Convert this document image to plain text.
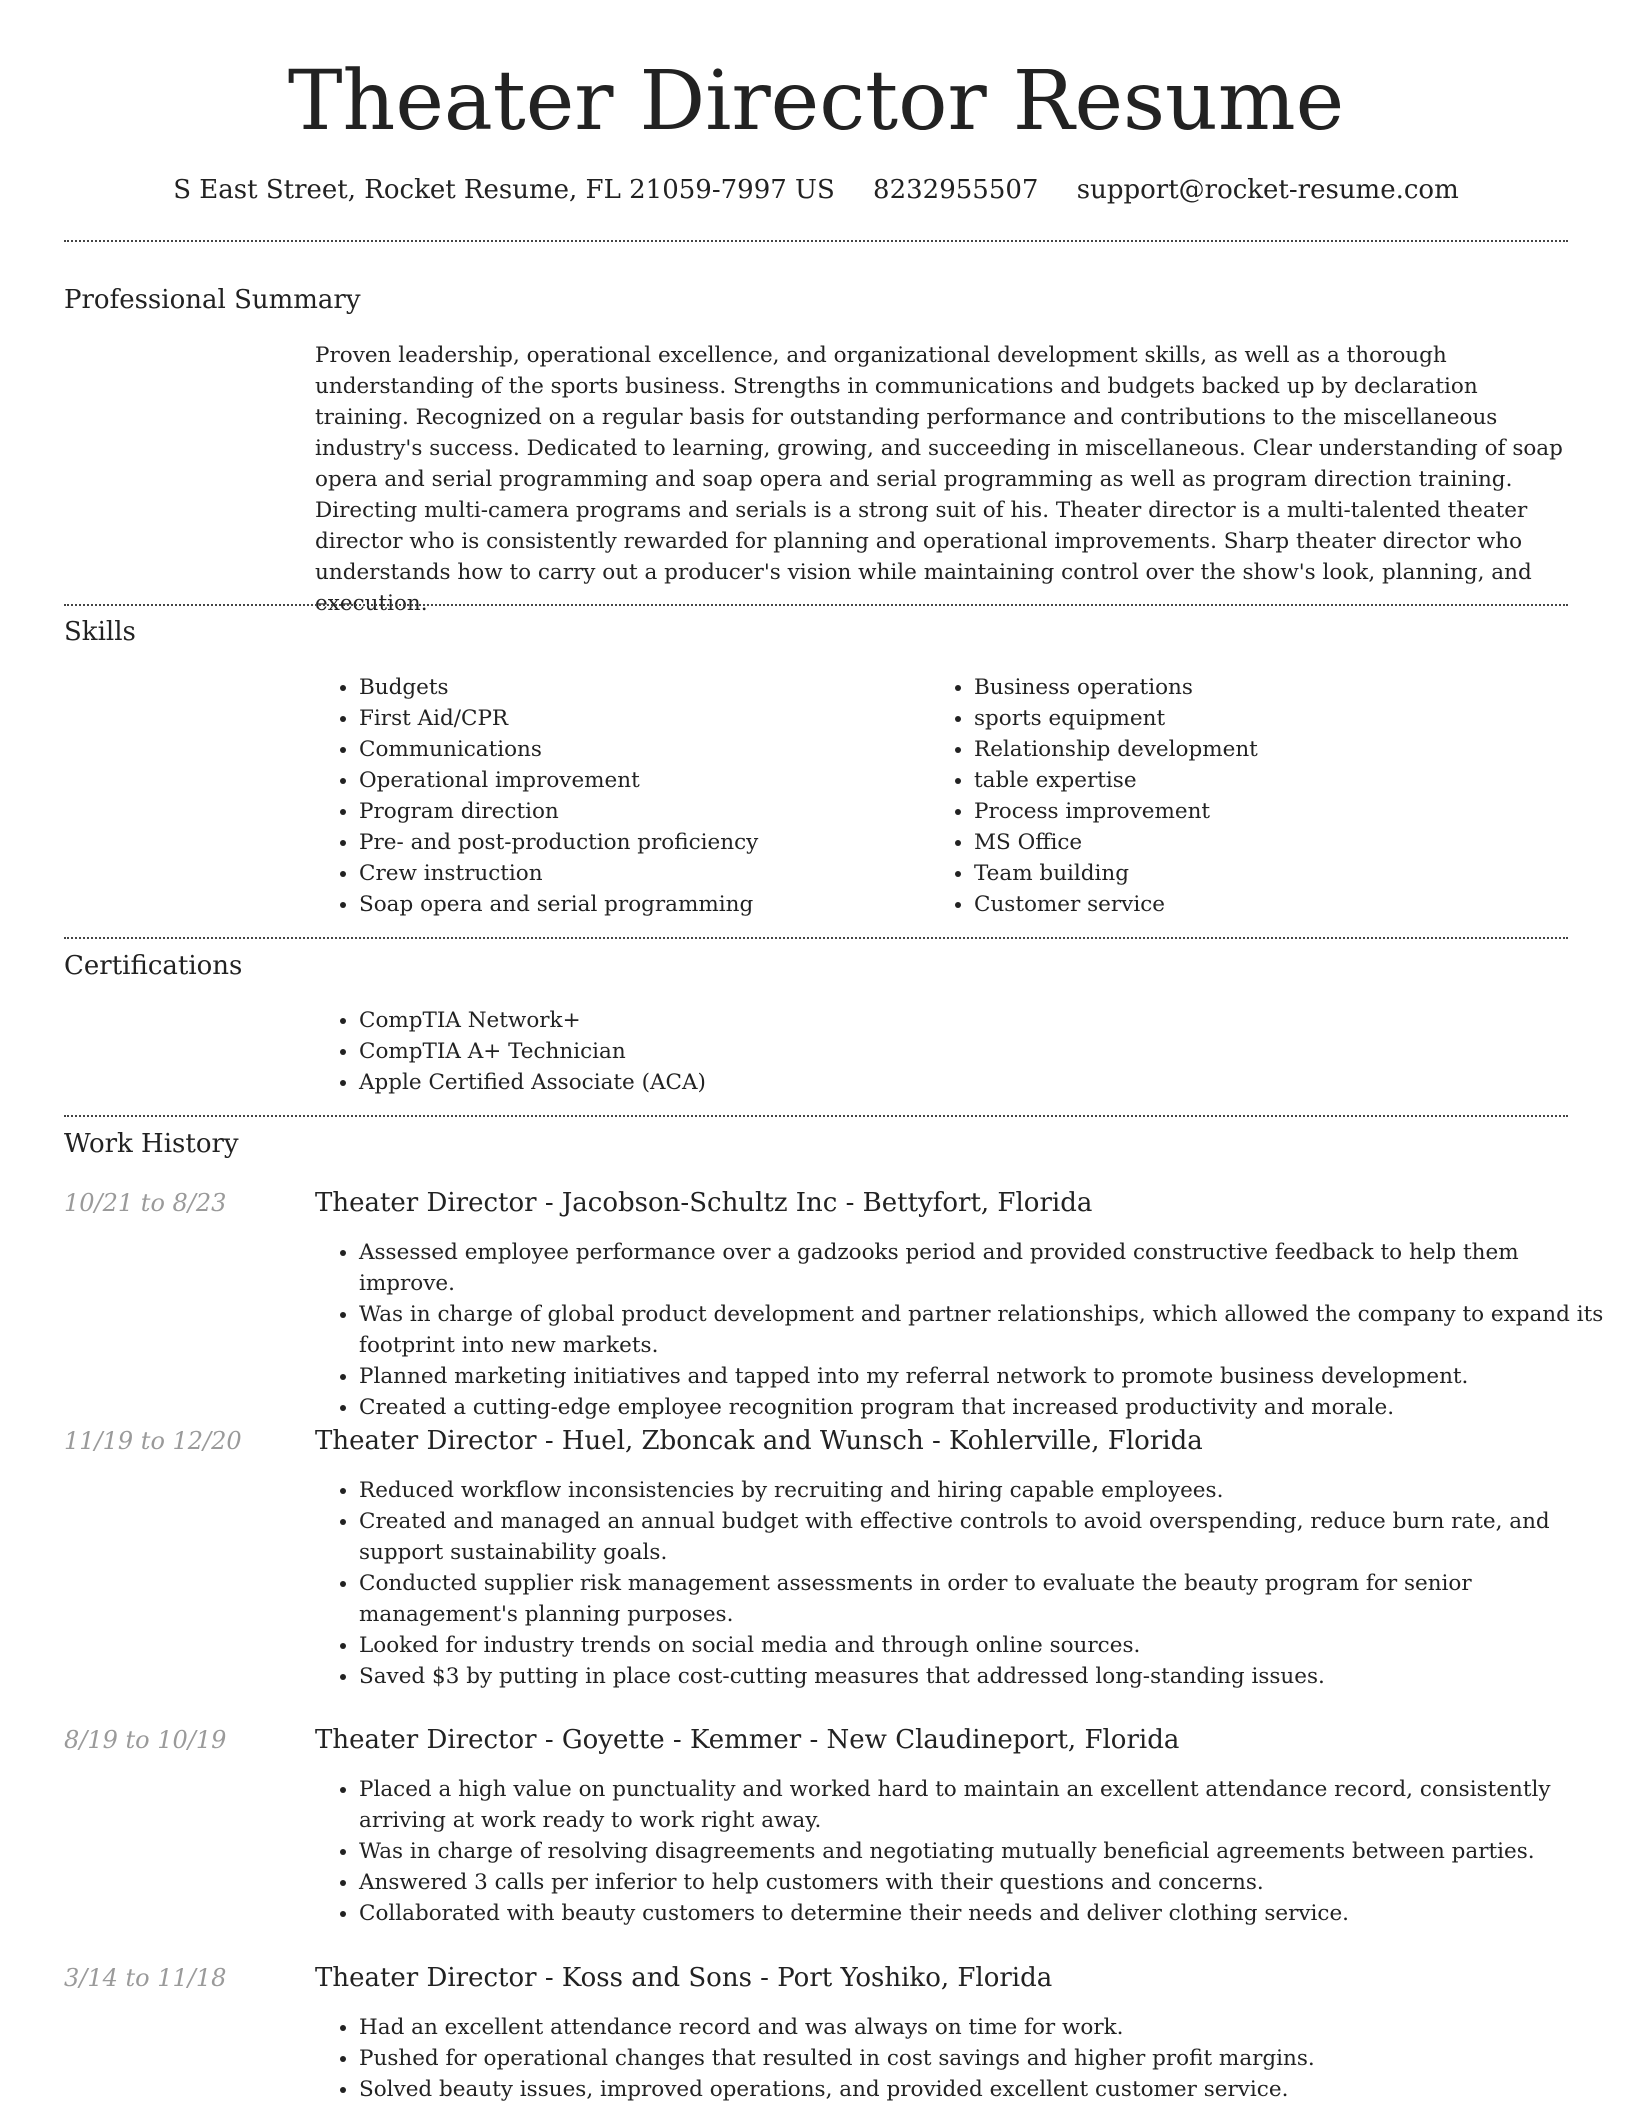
Theater Director Resume
S East Street, Rocket Resume, FL 21059-7997 US 8232955507 support@rocket-resume.com
Professional Summary

Proven leadership, operational excellence, and organizational development skills, as well as a thorough understanding of the sports business. Strengths in communications and budgets backed up by declaration training. Recognized on a regular basis for outstanding performance and contributions to the miscellaneous industry's success. Dedicated to learning, growing, and succeeding in miscellaneous. Clear understanding of soap opera and serial programming and soap opera and serial programming as well as program direction training. Directing multi-camera programs and serials is a strong suit of his. Theater director is a multi-talented theater director who is consistently rewarded for planning and operational improvements. Sharp theater director who understands how to carry out a producer's vision while maintaining control over the show's look, planning, and execution.

Skills
• Budgets
• First Aid/CPR
• Communications
• Operational improvement
• Program direction
• Pre- and post-production proficiency
• Crew instruction
• Soap opera and serial programming
• Business operations
• sports equipment
• Relationship development
• table expertise
• Process improvement
• MS Office
• Team building
• Customer service
Certifications
• CompTIA Network+
• CompTIA A+ Technician
• Apple Certified Associate (ACA)
Work History
10/21 to 8/23	Theater Director - Jacobson-Schultz Inc - Bettyfort, Florida
• Assessed employee performance over a gadzooks period and provided constructive feedback to help them improve.
• Was in charge of global product development and partner relationships, which allowed the company to expand its footprint into new markets.
• Planned marketing initiatives and tapped into my referral network to promote business development.
• Created a cutting-edge employee recognition program that increased productivity and morale.
11/19 to 12/20	Theater Director - Huel, Zboncak and Wunsch - Kohlerville, Florida
• Reduced workflow inconsistencies by recruiting and hiring capable employees.
• Created and managed an annual budget with effective controls to avoid overspending, reduce burn rate, and support sustainability goals.
• Conducted supplier risk management assessments in order to evaluate the beauty program for senior management's planning purposes.
• Looked for industry trends on social media and through online sources.
• Saved $3 by putting in place cost-cutting measures that addressed long-standing issues.
8/19 to 10/19	Theater Director - Goyette - Kemmer - New Claudineport, Florida
• Placed a high value on punctuality and worked hard to maintain an excellent attendance record, consistently arriving at work ready to work right away.
• Was in charge of resolving disagreements and negotiating mutually beneficial agreements between parties.
• Answered 3 calls per inferior to help customers with their questions and concerns.
• Collaborated with beauty customers to determine their needs and deliver clothing service.
3/14 to 11/18	Theater Director - Koss and Sons - Port Yoshiko, Florida
• Had an excellent attendance record and was always on time for work.
• Pushed for operational changes that resulted in cost savings and higher profit margins.
• Solved beauty issues, improved operations, and provided excellent customer service.
